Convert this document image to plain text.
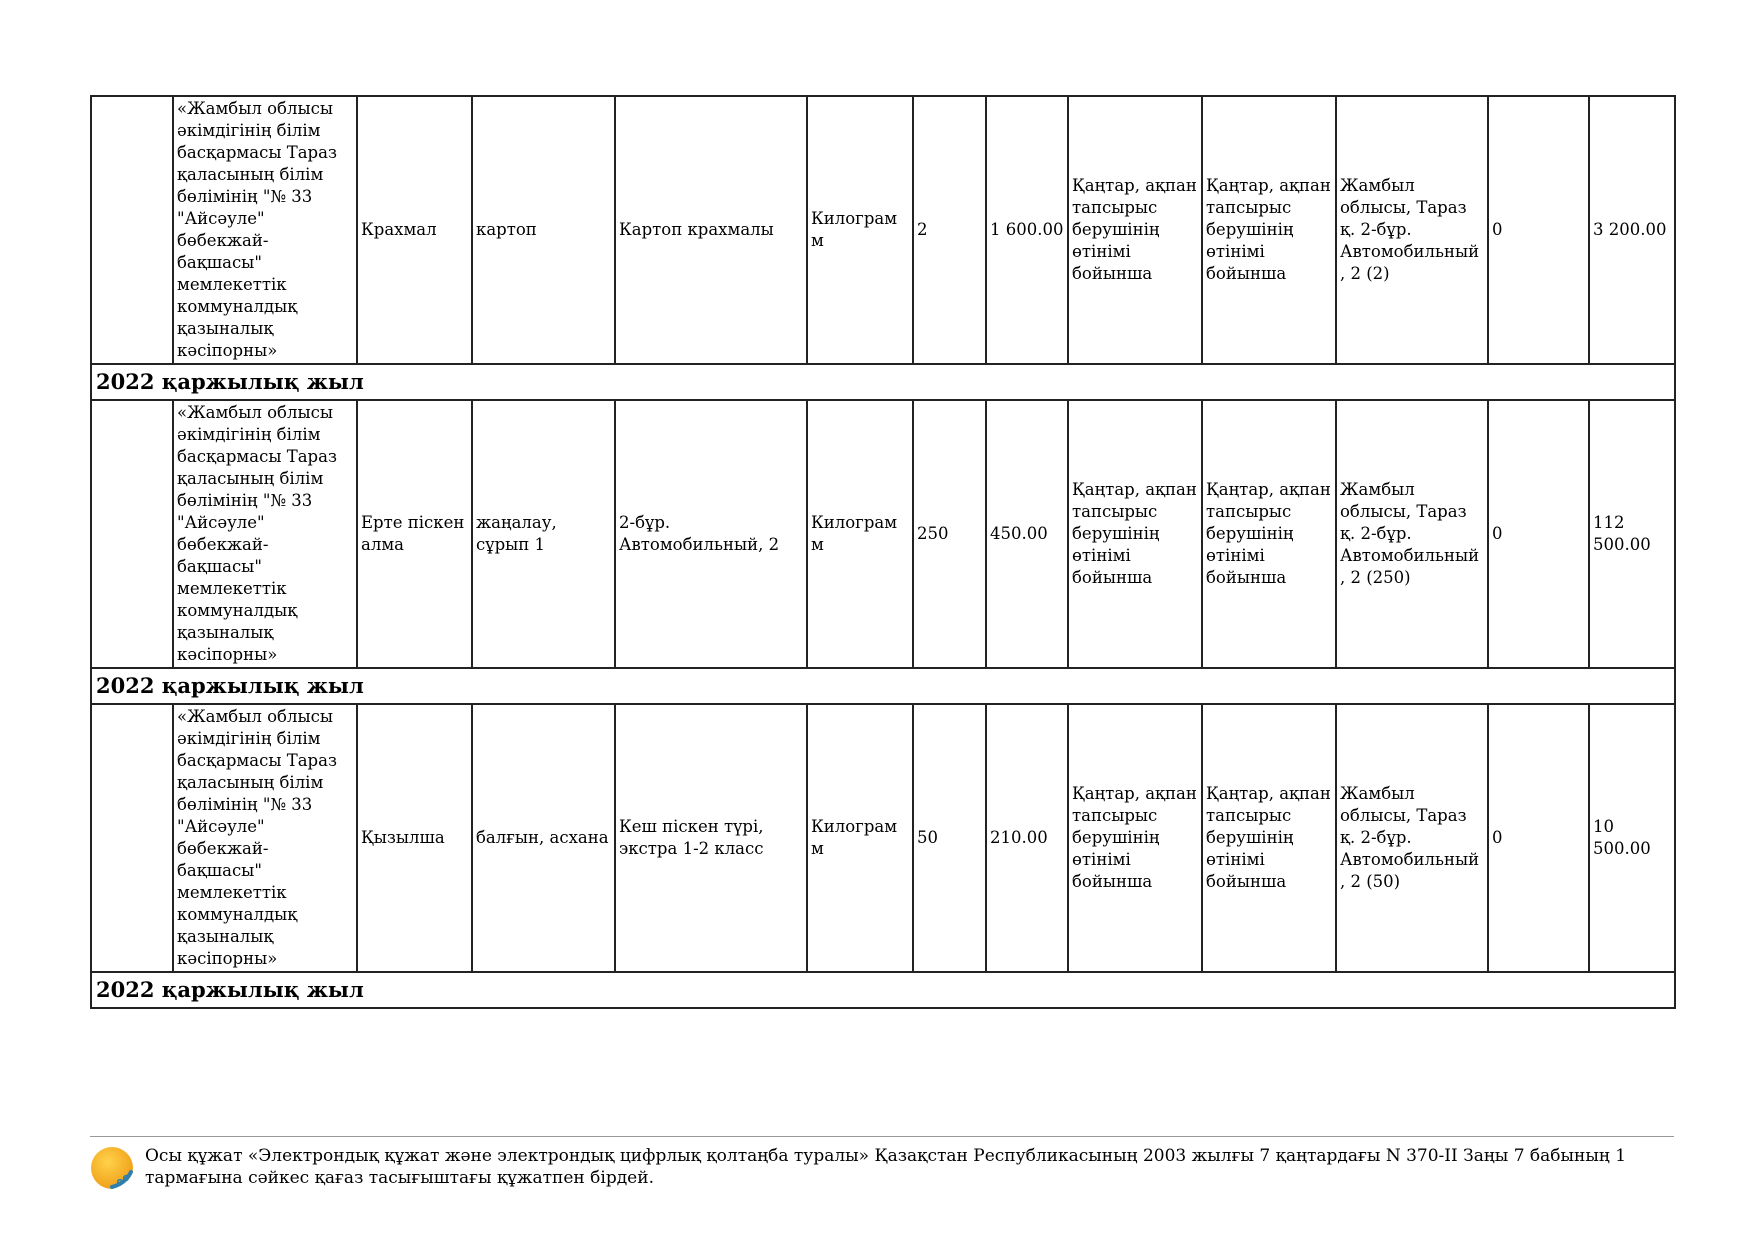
	«Жамбыл облысы әкімдігінің білім басқармасы Тараз қаласының білім бөлімінің "№ 33 "Айсәуле" бөбекжай-бақшасы" мемлекеттік коммуналдық қазыналық кәсіпорны»	Крахмал	картоп	Картоп крахмалы	Килограмм	2	1 600.00	Қаңтар, ақпан тапсырыс берушінің өтінімі бойынша	Қаңтар, ақпан тапсырыс берушінің өтінімі бойынша	Жамбыл облысы, Тараз қ. 2-бұр. Автомобильный, 2 (2)	0	3 200.00
2022 қаржылық жыл												
	«Жамбыл облысы әкімдігінің білім басқармасы Тараз қаласының білім бөлімінің "№ 33 "Айсәуле" бөбекжай-бақшасы" мемлекеттік коммуналдық қазыналық кәсіпорны»	Ерте піскен алма	жаңалау, сұрып 1	2-бұр. Автомобильный, 2	Килограмм	250	450.00	Қаңтар, ақпан тапсырыс берушінің өтінімі бойынша	Қаңтар, ақпан тапсырыс берушінің өтінімі бойынша	Жамбыл облысы, Тараз қ. 2-бұр. Автомобильный, 2 (250)	0	112 500.00
2022 қаржылық жыл												
	«Жамбыл облысы әкімдігінің білім басқармасы Тараз қаласының білім бөлімінің "№ 33 "Айсәуле" бөбекжай-бақшасы" мемлекеттік коммуналдық қазыналық кәсіпорны»	Қызылша	балғын, асхана	Кеш піскен түрі, экстра 1-2 класс	Килограмм	50	210.00	Қаңтар, ақпан тапсырыс берушінің өтінімі бойынша	Қаңтар, ақпан тапсырыс берушінің өтінімі бойынша	Жамбыл облысы, Тараз қ. 2-бұр. Автомобильный, 2 (50)	0	10 500.00
2022 қаржылық жыл												
Осы құжат «Электрондық құжат және электрондық цифрлық қолтаңба туралы» Қазақстан Республикасының 2003 жылғы 7 қаңтардағы N 370-II Заңы 7 бабының 1 тармағына сәйкес қағаз тасығыштағы құжатпен бірдей.
